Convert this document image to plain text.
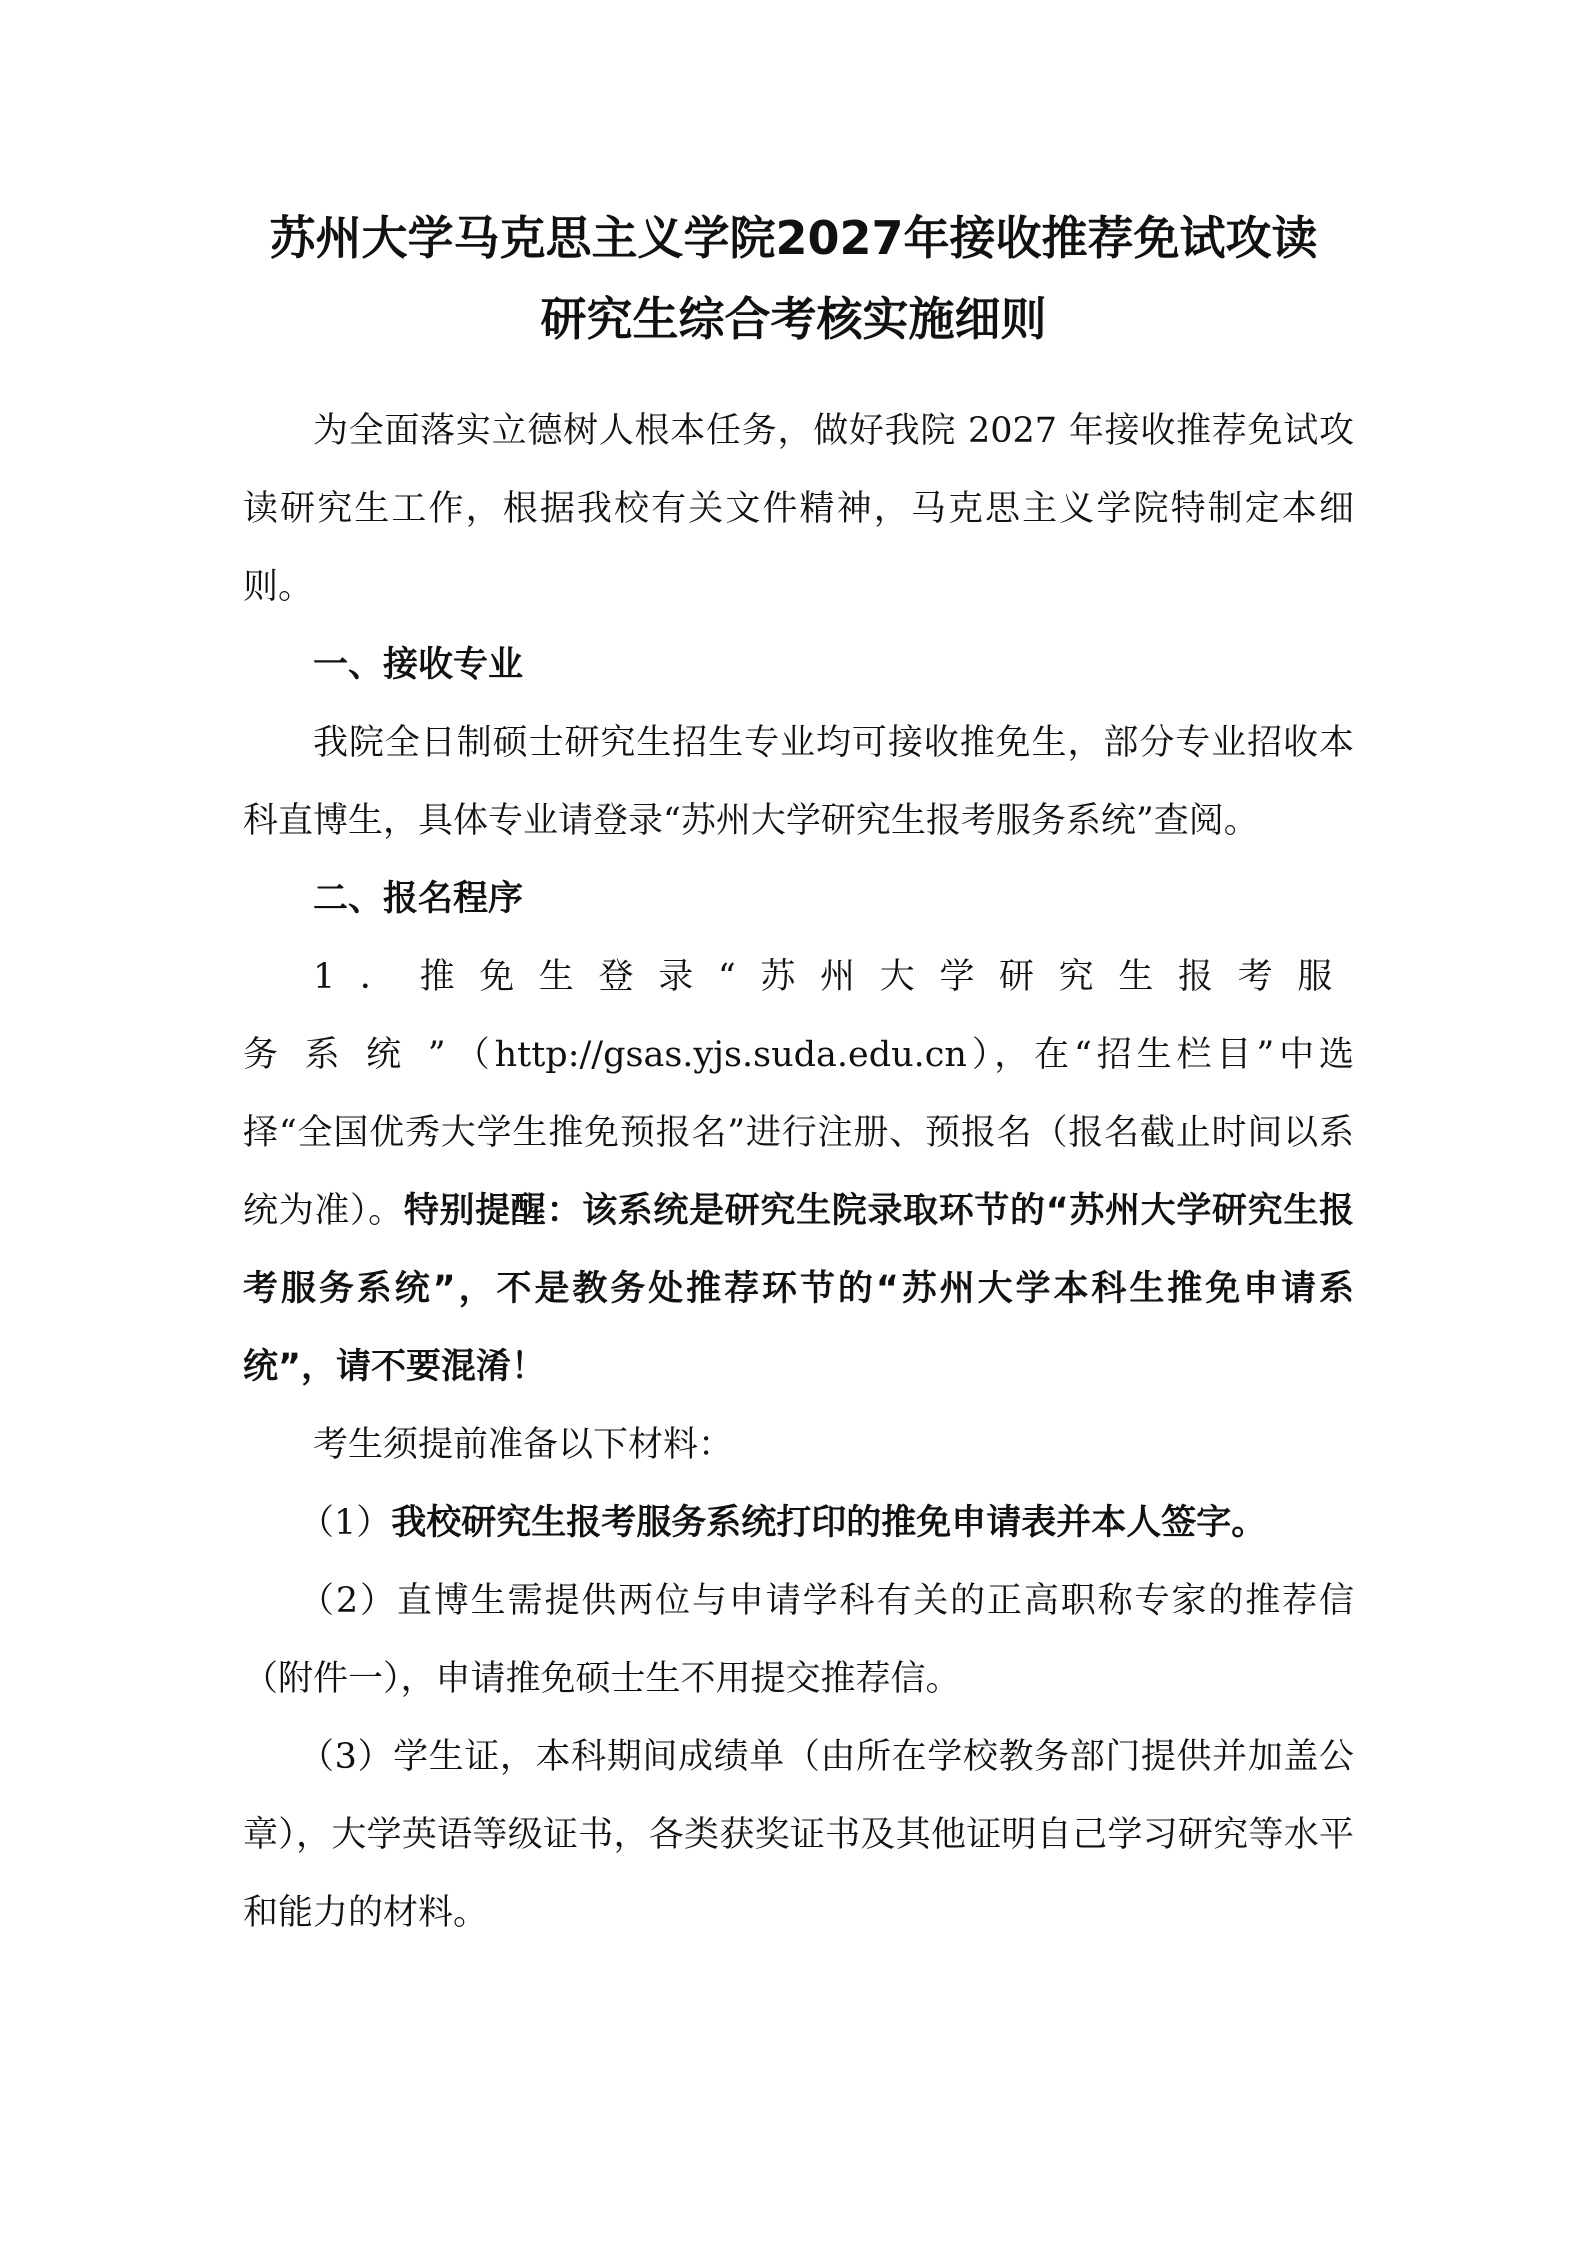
苏州大学马克思主义学院2027年接收推荐免试攻读
研究生综合考核实施细则

为全面落实立德树人根本任务，做好我院 2027 年接收推荐免试攻读研究生工作，根据我校有关文件精神，马克思主义学院特制定本细则。

一、接收专业

我院全日制硕士研究生招生专业均可接收推免生，部分专业招收本科直博生，具体专业请登录“苏州大学研究生报考服务系统”查阅。

二、报名程序

1．推免生登录“苏州大学研究生报考服务系统”（http://gsas.yjs.suda.edu.cn），在“招生栏目”中选择“全国优秀大学生推免预报名”进行注册、预报名（报名截止时间以系统为准）。特别提醒：该系统是研究生院录取环节的“苏州大学研究生报考服务系统”，不是教务处推荐环节的“苏州大学本科生推免申请系统”，请不要混淆！

考生须提前准备以下材料：

（1）我校研究生报考服务系统打印的推免申请表并本人签字。

（2）直博生需提供两位与申请学科有关的正高职称专家的推荐信（附件一），申请推免硕士生不用提交推荐信。

（3）学生证，本科期间成绩单（由所在学校教务部门提供并加盖公章），大学英语等级证书，各类获奖证书及其他证明自己学习研究等水平和能力的材料。
